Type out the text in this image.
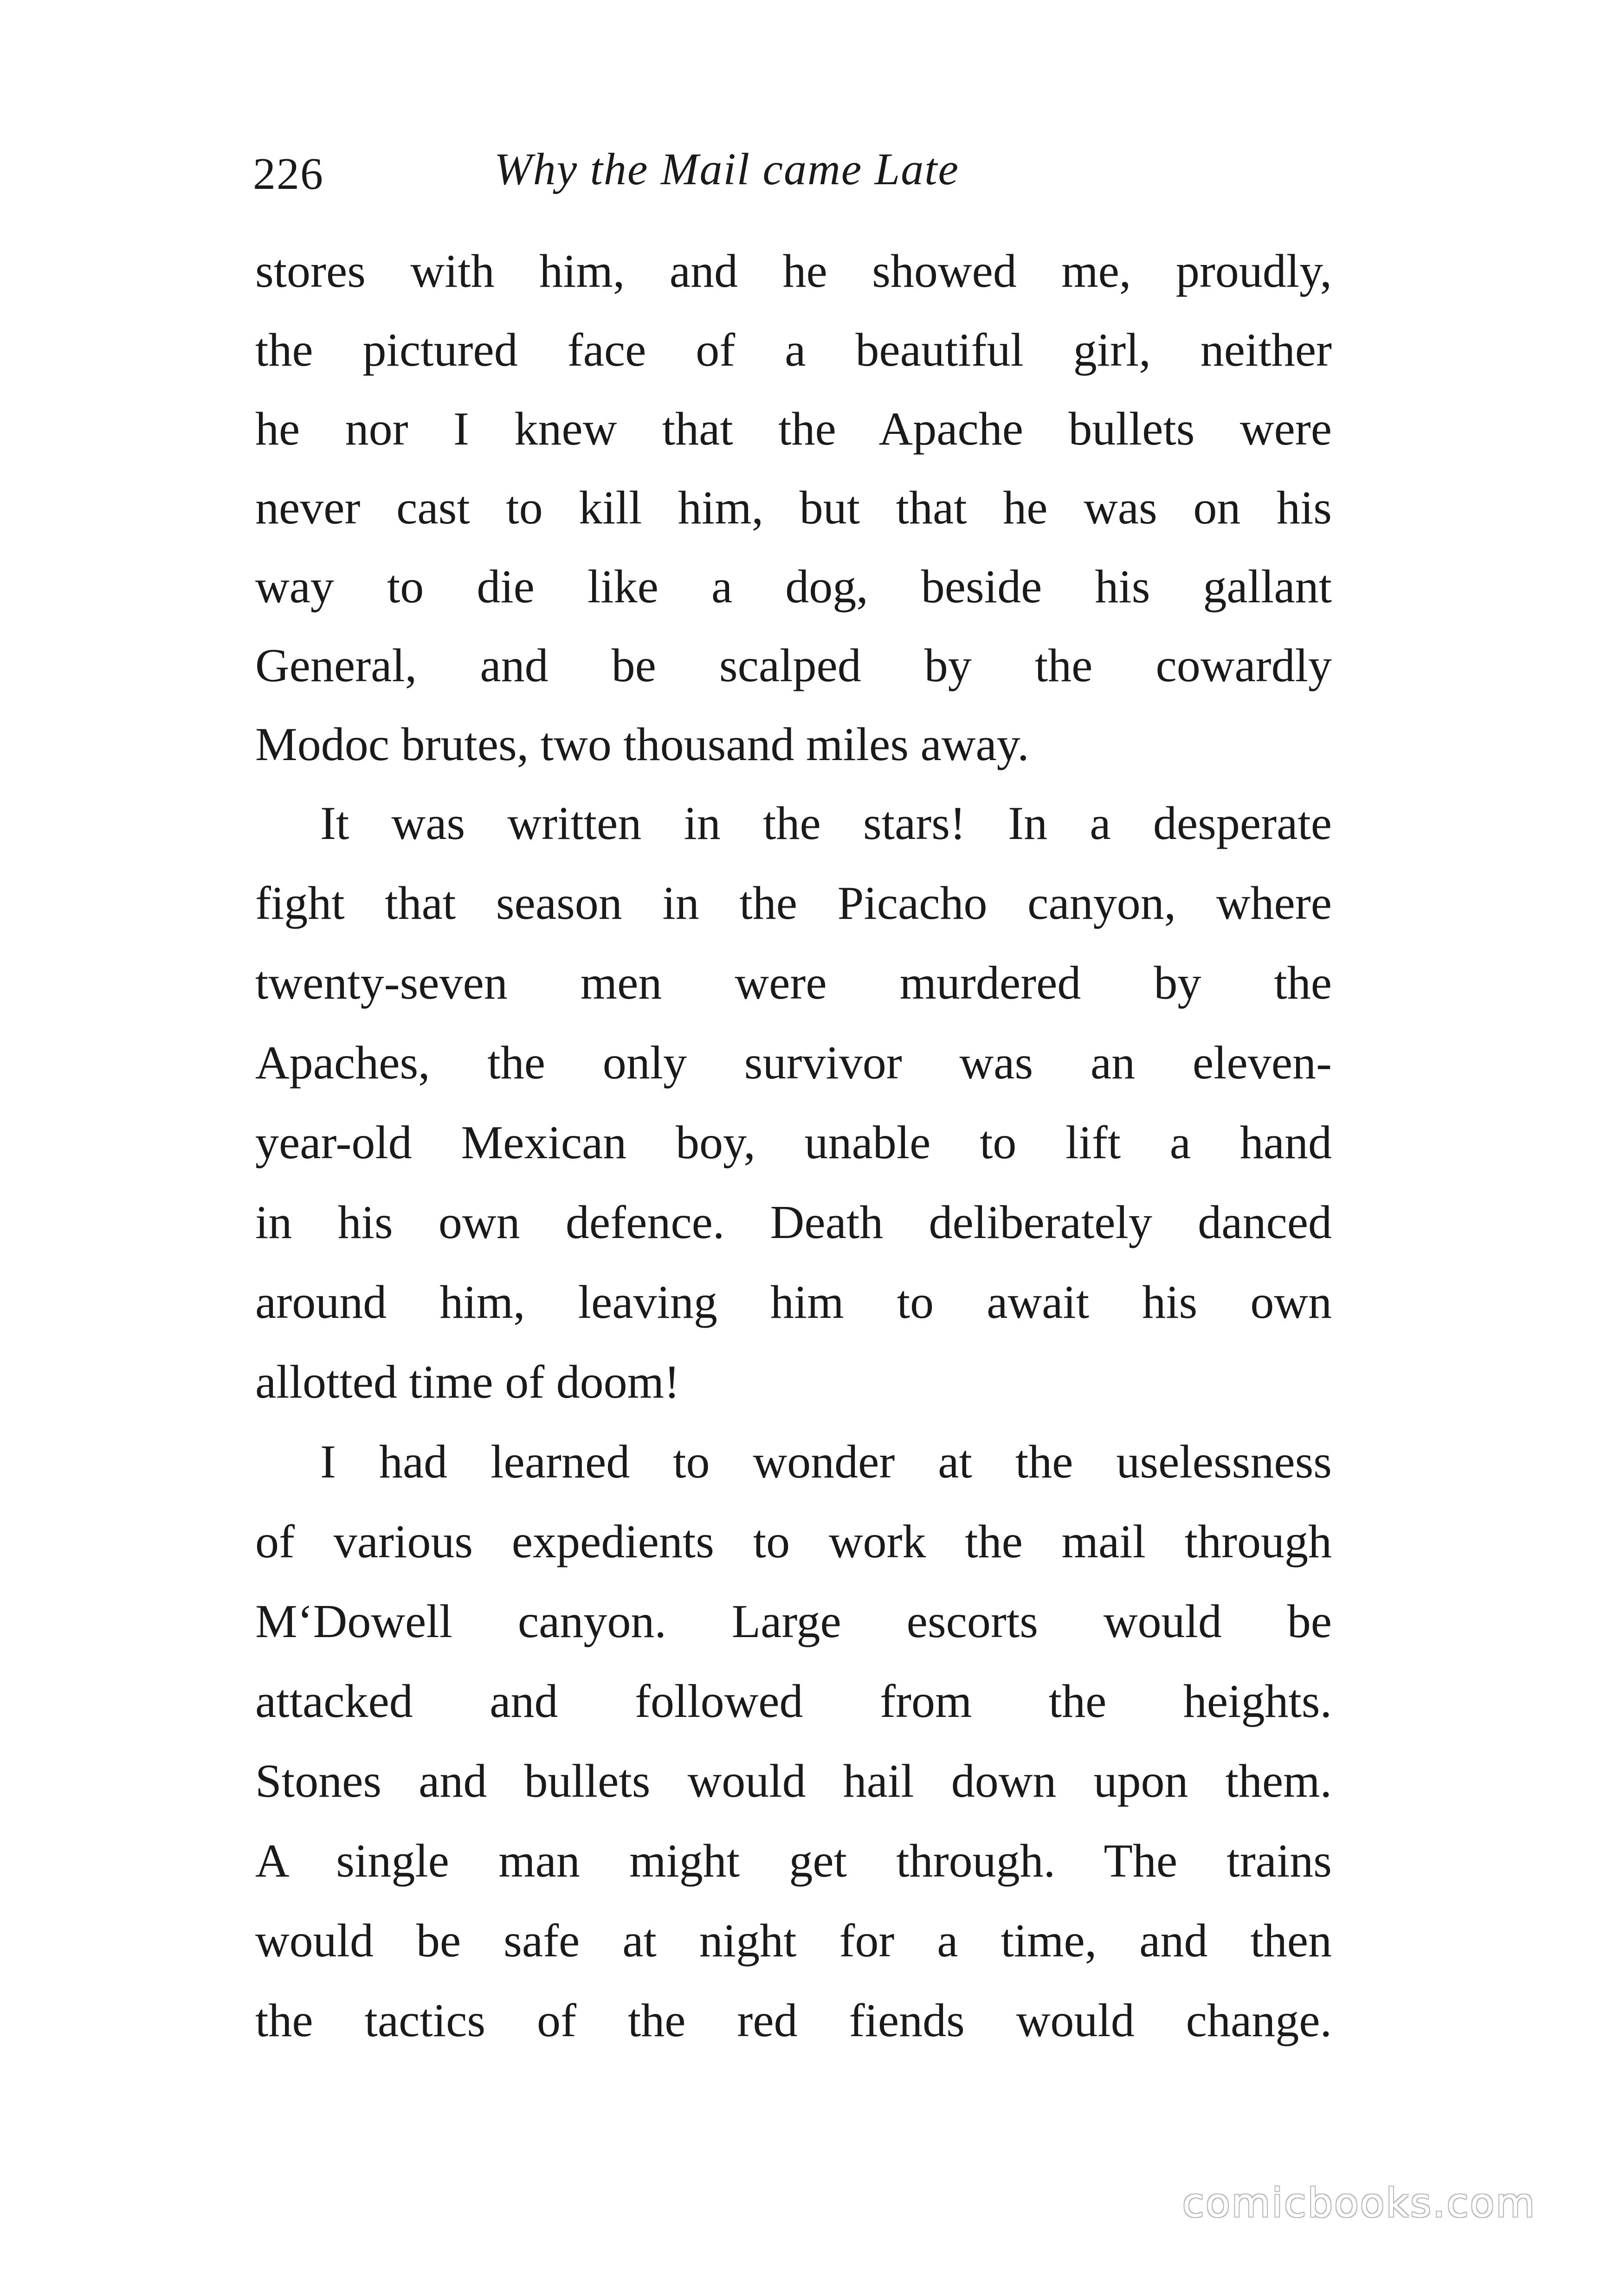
226	Why the Mail came Late
stores with him, and he showed me, proudly,
the pictured face of a beautiful girl, neither
he nor I knew that the Apache bullets were
never cast to kill him, but that he was on his
way to die like a dog, beside his gallant
General, and be scalped by the cowardly
Modoc brutes, two thousand miles away.
It was written in the stars! In a desperate
fight that season in the Picacho canyon, where
twenty-seven men were murdered by the
Apaches, the only survivor was an eleven-
year-old Mexican boy, unable to lift a hand
in his own defence. Death deliberately danced
around him, leaving him to await his own
allotted time of doom!
I had learned to wonder at the uselessness
of various expedients to work the mail through
M‘Dowell canyon. Large escorts would be
attacked and followed from the heights.
Stones and bullets would hail down upon them.
A single man might get through. The trains
would be safe at night for a time, and then
the tactics of the red fiends would change.
comicbooks.com
